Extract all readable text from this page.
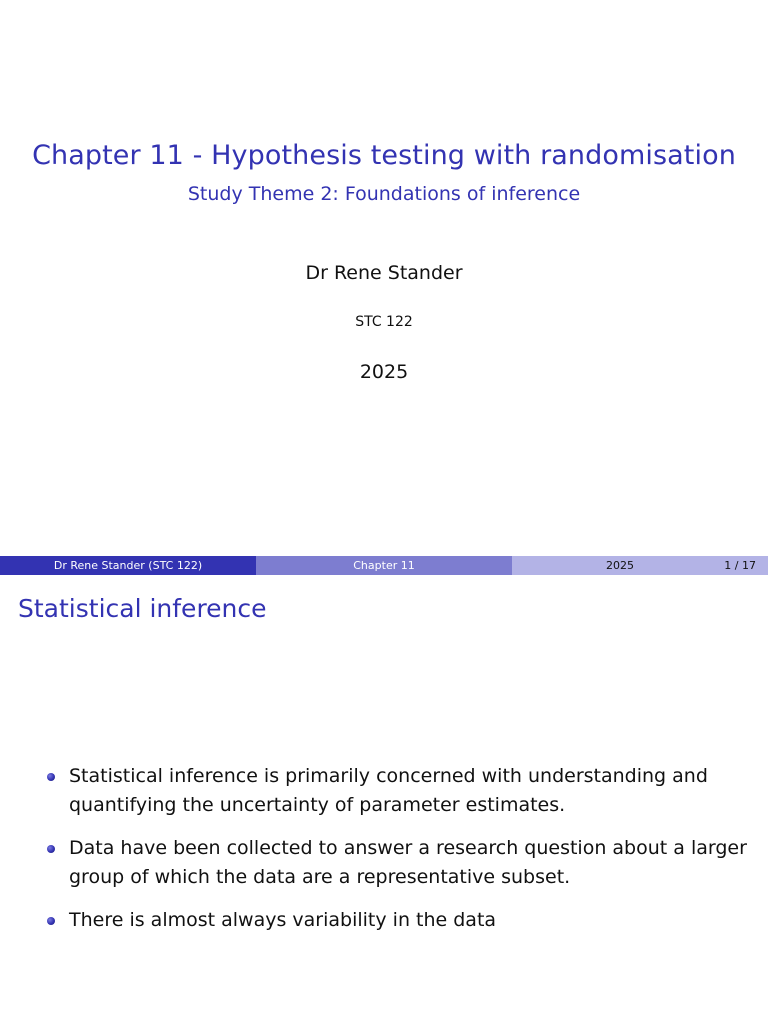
Chapter 11 - Hypothesis testing with randomisation
Study Theme 2: Foundations of inference
Dr Rene Stander
STC 122
2025
Dr Rene Stander (STC 122)	Chapter 11	2025	1 / 17
Statistical inference
Statistical inference is primarily concerned with understanding and quantifying the uncertainty of parameter estimates.
Data have been collected to answer a research question about a larger group of which the data are a representative subset.
There is almost always variability in the data
